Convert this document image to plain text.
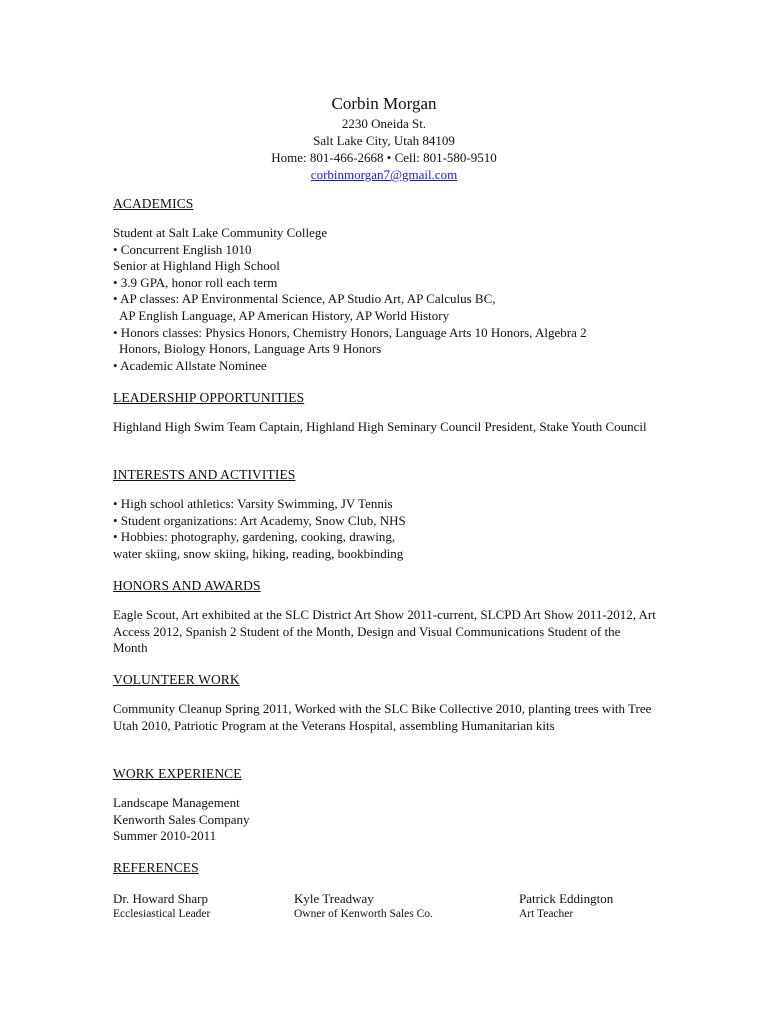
Corbin Morgan
2230 Oneida St.
Salt Lake City, Utah 84109
Home: 801-466-2668 • Cell: 801-580-9510
corbinmorgan7@gmail.com
ACADEMICS
Student at Salt Lake Community College
• Concurrent English 1010
Senior at Highland High School
• 3.9 GPA, honor roll each term
• AP classes: AP Environmental Science, AP Studio Art, AP Calculus BC,
AP English Language, AP American History, AP World History
• Honors classes: Physics Honors, Chemistry Honors, Language Arts 10 Honors, Algebra 2
Honors, Biology Honors, Language Arts 9 Honors
• Academic Allstate Nominee
LEADERSHIP OPPORTUNITIES
Highland High Swim Team Captain, Highland High Seminary Council President, Stake Youth Council
INTERESTS AND ACTIVITIES
• High school athletics: Varsity Swimming, JV Tennis
• Student organizations: Art Academy, Snow Club, NHS
• Hobbies: photography, gardening, cooking, drawing,
water skiing, snow skiing, hiking, reading, bookbinding
HONORS AND AWARDS
Eagle Scout, Art exhibited at the SLC District Art Show 2011-current, SLCPD Art Show 2011-2012, Art Access 2012, Spanish 2 Student of the Month, Design and Visual Communications Student of the Month
VOLUNTEER WORK
Community Cleanup Spring 2011, Worked with the SLC Bike Collective 2010, planting trees with Tree Utah 2010, Patriotic Program at the Veterans Hospital, assembling Humanitarian kits
WORK EXPERIENCE
Landscape Management
Kenworth Sales Company
Summer 2010-2011
REFERENCES
Dr. Howard Sharp
Ecclesiastical Leader
Kyle Treadway
Owner of Kenworth Sales Co.
Patrick Eddington
Art Teacher
